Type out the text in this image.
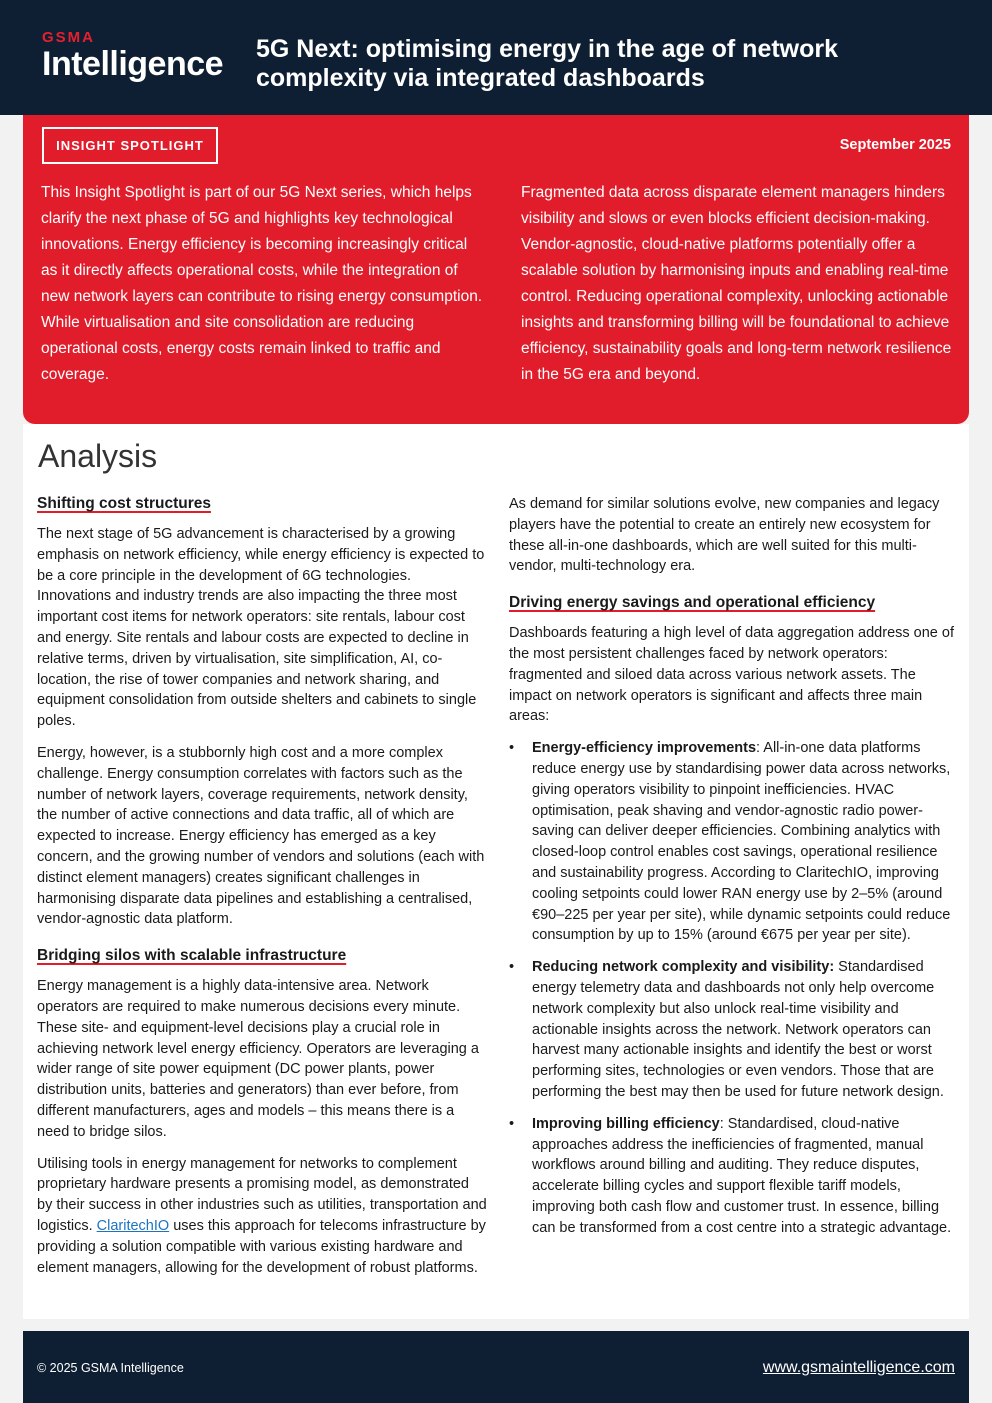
GSMA
Intelligence 5G Next: optimising energy in the age of network complexity via integrated dashboards
INSIGHT SPOTLIGHT	September 2025

This Insight Spotlight is part of our 5G Next series, which helps clarify the next phase of 5G and highlights key technological innovations. Energy efficiency is becoming increasingly critical as it directly affects operational costs, while the integration of new network layers can contribute to rising energy consumption. While virtualisation and site consolidation are reducing operational costs, energy costs remain linked to traffic and coverage.

Fragmented data across disparate element managers hinders visibility and slows or even blocks efficient decision-making. Vendor-agnostic, cloud-native platforms potentially offer a scalable solution by harmonising inputs and enabling real-time control. Reducing operational complexity, unlocking actionable insights and transforming billing will be foundational to achieve efficiency, sustainability goals and long-term network resilience in the 5G era and beyond.

Analysis
Shifting cost structures

The next stage of 5G advancement is characterised by a growing emphasis on network efficiency, while energy efficiency is expected to be a core principle in the development of 6G technologies. Innovations and industry trends are also impacting the three most important cost items for network operators: site rentals, labour cost and energy. Site rentals and labour costs are expected to decline in relative terms, driven by virtualisation, site simplification, AI, co-location, the rise of tower companies and network sharing, and equipment consolidation from outside shelters and cabinets to single poles.

Energy, however, is a stubbornly high cost and a more complex challenge. Energy consumption correlates with factors such as the number of network layers, coverage requirements, network density, the number of active connections and data traffic, all of which are expected to increase. Energy efficiency has emerged as a key concern, and the growing number of vendors and solutions (each with distinct element managers) creates significant challenges in harmonising disparate data pipelines and establishing a centralised, vendor-agnostic data platform.

Bridging silos with scalable infrastructure

Energy management is a highly data-intensive area. Network operators are required to make numerous decisions every minute. These site- and equipment-level decisions play a crucial role in achieving network level energy efficiency. Operators are leveraging a wider range of site power equipment (DC power plants, power distribution units, batteries and generators) than ever before, from different manufacturers, ages and models – this means there is a need to bridge silos.

Utilising tools in energy management for networks to complement proprietary hardware presents a promising model, as demonstrated by their success in other industries such as utilities, transportation and logistics. ClaritechIO uses this approach for telecoms infrastructure by providing a solution compatible with various existing hardware and element managers, allowing for the development of robust platforms.

As demand for similar solutions evolve, new companies and legacy players have the potential to create an entirely new ecosystem for these all-in-one dashboards, which are well suited for this multi-vendor, multi-technology era.

Driving energy savings and operational efficiency

Dashboards featuring a high level of data aggregation address one of the most persistent challenges faced by network operators: fragmented and siloed data across various network assets. The impact on network operators is significant and affects three main areas:

• Energy-efficiency improvements: All-in-one data platforms reduce energy use by standardising power data across networks, giving operators visibility to pinpoint inefficiencies. HVAC optimisation, peak shaving and vendor-agnostic radio power-saving can deliver deeper efficiencies. Combining analytics with closed-loop control enables cost savings, operational resilience and sustainability progress. According to ClaritechIO, improving cooling setpoints could lower RAN energy use by 2–5% (around €90–225 per year per site), while dynamic setpoints could reduce consumption by up to 15% (around €675 per year per site).
• Reducing network complexity and visibility: Standardised energy telemetry data and dashboards not only help overcome network complexity but also unlock real-time visibility and actionable insights across the network. Network operators can harvest many actionable insights and identify the best or worst performing sites, technologies or even vendors. Those that are performing the best may then be used for future network design.
• Improving billing efficiency: Standardised, cloud-native approaches address the inefficiencies of fragmented, manual workflows around billing and auditing. They reduce disputes, accelerate billing cycles and support flexible tariff models, improving both cash flow and customer trust. In essence, billing can be transformed from a cost centre into a strategic advantage.
© 2025 GSMA Intelligence	www.gsmaintelligence.com
